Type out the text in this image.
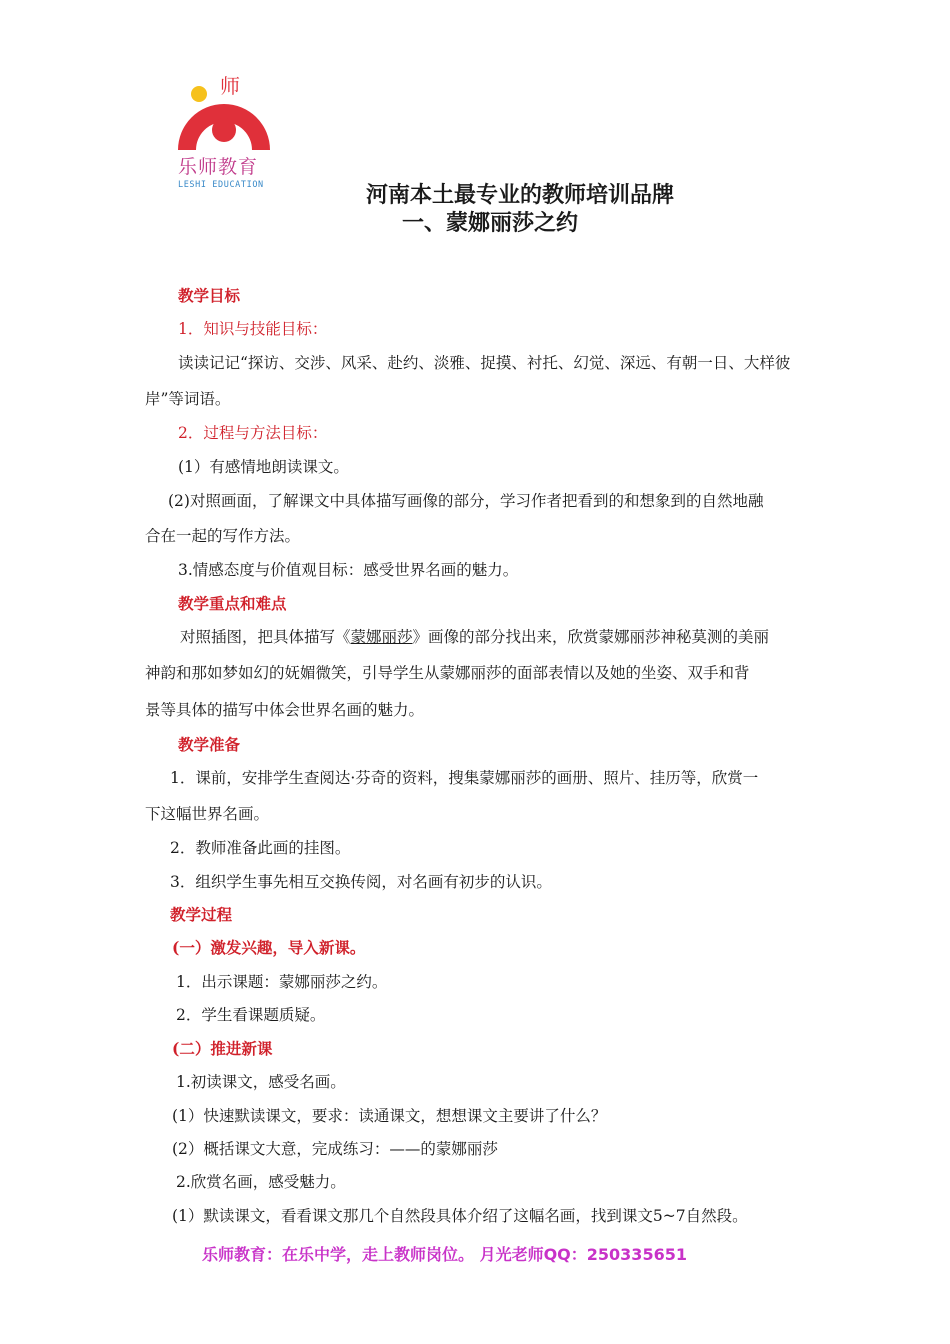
师
乐师教育
LESHI EDUCATION	河南本土最专业的教师培训品牌
一、蒙娜丽莎之约
教学目标
1．知识与技能目标：
读读记记“探访、交涉、风采、赴约、淡雅、捉摸、衬托、幻觉、深远、有朝一日、大样彼
岸”等词语。
2．过程与方法目标：
(1）有感情地朗读课文。
(2)对照画面，了解课文中具体描写画像的部分，学习作者把看到的和想象到的自然地融
合在一起的写作方法。
3.情感态度与价值观目标：感受世界名画的魅力。
教学重点和难点
对照插图，把具体描写《蒙娜丽莎》画像的部分找出来，欣赏蒙娜丽莎神秘莫测的美丽
神韵和那如梦如幻的妩媚微笑，引导学生从蒙娜丽莎的面部表情以及她的坐姿、双手和背
景等具体的描写中体会世界名画的魅力。
教学准备
1．课前，安排学生查阅达·芬奇的资料，搜集蒙娜丽莎的画册、照片、挂历等，欣赏一
下这幅世界名画。
2．教师准备此画的挂图。
3．组织学生事先相互交换传阅，对名画有初步的认识。
教学过程
(一）激发兴趣，导入新课。
1．出示课题：蒙娜丽莎之约。
2．学生看课题质疑。
(二）推进新课
1.初读课文，感受名画。
(1）快速默读课文，要求：读通课文，想想课文主要讲了什么？
(2）概括课文大意，完成练习：——的蒙娜丽莎
2.欣赏名画，感受魅力。
(1）默读课文，看看课文那几个自然段具体介绍了这幅名画，找到课文5~7自然段。
乐师教育：在乐中学，走上教师岗位。 月光老师QQ：250335651
